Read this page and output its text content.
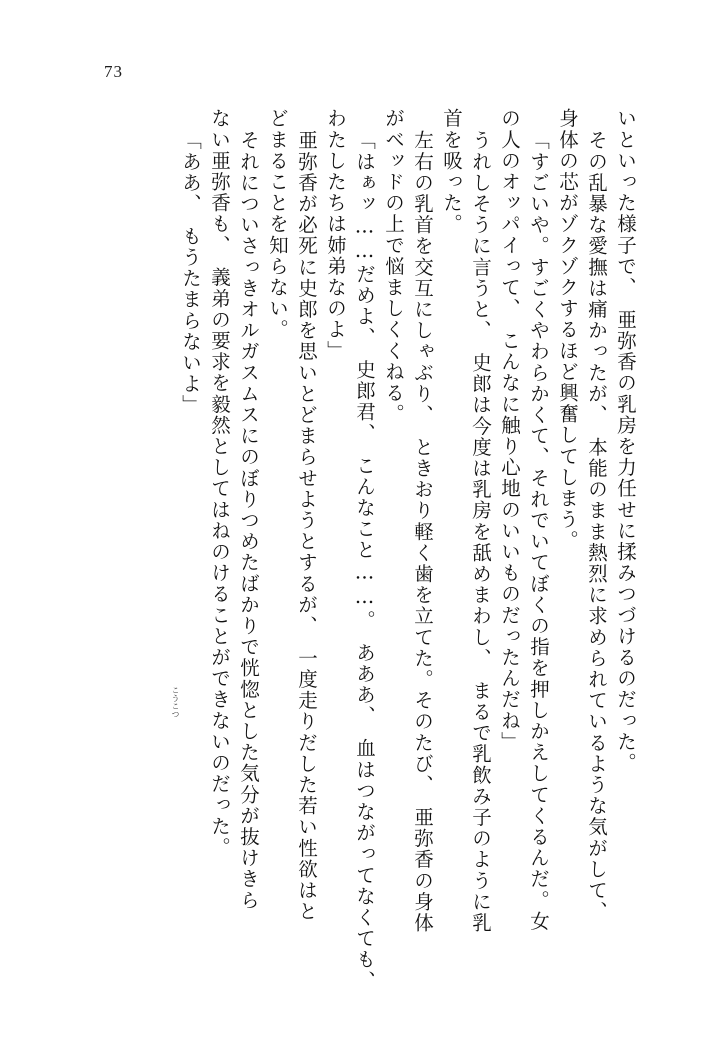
73
いといった様子で、　亜弥香の乳房を力任せに揉みつづけるのだった。
その乱暴な愛撫は痛かったが、　本能のまま熱烈に求められているような気がして、
身体の芯がゾクゾクするほど興奮してしまう。
「すごいや。すごくやわらかくて、それでいてぼくの指を押しかえしてくるんだ。女
の人のオッパイって、　こんなに触り心地のいいものだったんだね」
うれしそうに言うと、　史郎は今度は乳房を舐めまわし、　まるで乳飲み子のように乳
首を吸った。
左右の乳首を交互にしゃぶり、　ときおり軽く歯を立てた。そのたび、　亜弥香の身体
がベッドの上で悩ましくくねる。
「はぁッ……だめよ、　史郎君、　こんなこと……。　あああ、　血はつながってなくても、
わたしたちは姉弟なのよ」
亜弥香が必死に史郎を思いとどまらせようとするが、　一度走りだした若い性欲はと
どまることを知らない。
それについさっきオルガスムスにのぼりつめたばかりで恍惚とした気分が抜けきら
ない亜弥香も、　義弟の要求を毅然としてはねのけることができないのだった。
「ああ、　もうたまらないよ」
こうこつ
